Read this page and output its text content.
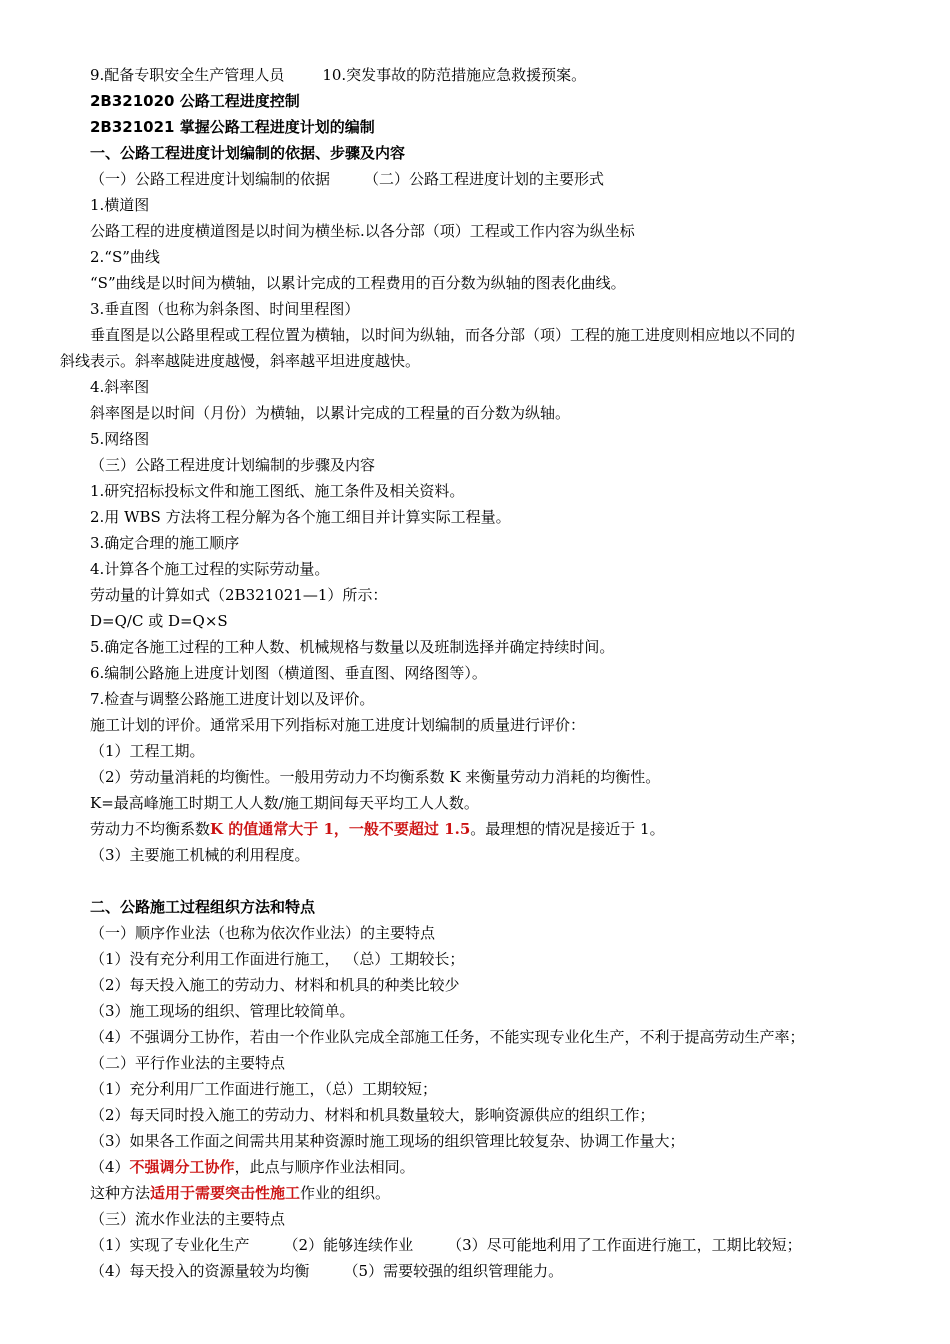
9.配备专职安全生产管理人员	10.突发事故的防范措施应急救援预案。
2B321020 公路工程进度控制
2B321021 掌握公路工程进度计划的编制
一、公路工程进度计划编制的依据、步骤及内容
（一）公路工程进度计划编制的依据 （二）公路工程进度计划的主要形式
1.横道图
公路工程的进度横道图是以时间为横坐标.以各分部（项）工程或工作内容为纵坐标
2.“S”曲线
“S”曲线是以时间为横轴，以累计完成的工程费用的百分数为纵轴的图表化曲线。
3.垂直图（也称为斜条图、时间里程图）
垂直图是以公路里程或工程位置为横轴，以时间为纵轴，而各分部（项）工程的施工进度则相应地以不同的
斜线表示。斜率越陡进度越慢，斜率越平坦进度越快。
4.斜率图
斜率图是以时间（月份）为横轴，以累计完成的工程量的百分数为纵轴。
5.网络图
（三）公路工程进度计划编制的步骤及内容
1.研究招标投标文件和施工图纸、施工条件及相关资料。
2.用 WBS 方法将工程分解为各个施工细目并计算实际工程量。
3.确定合理的施工顺序
4.计算各个施工过程的实际劳动量。
劳动量的计算如式（2B321021—1）所示：
D=Q/C 或 D=Q×S
5.确定各施工过程的工种人数、机械规格与数量以及班制选择并确定持续时间。
6.编制公路施上进度计划图（横道图、垂直图、网络图等）。
7.检查与调整公路施工进度计划以及评价。
施工计划的评价。通常采用下列指标对施工进度计划编制的质量进行评价：
（1）工程工期。
（2）劳动量消耗的均衡性。一般用劳动力不均衡系数 K 来衡量劳动力消耗的均衡性。
K=最高峰施工时期工人人数/施工期间每天平均工人人数。
劳动力不均衡系数K 的值通常大于 1，一般不要超过 1.5。最理想的情况是接近于 1。
（3）主要施工机械的利用程度。
二、公路施工过程组织方法和特点
（一）顺序作业法（也称为依次作业法）的主要特点
（1）没有充分利用工作面进行施工， （总）工期较长；
（2）每天投入施工的劳动力、材料和机具的种类比较少
（3）施工现场的组织、管理比较简单。
（4）不强调分工协作，若由一个作业队完成全部施工任务，不能实现专业化生产，不利于提高劳动生产率；
（二）平行作业法的主要特点
（1）充分利用厂工作面进行施工，（总）工期较短；
（2）每天同时投入施工的劳动力、材料和机具数量较大，影响资源供应的组织工作；
（3）如果各工作面之间需共用某种资源时施工现场的组织管理比较复杂、协调工作量大；
（4）不强调分工协作，此点与顺序作业法相同。
这种方法适用于需要突击性施工作业的组织。
（三）流水作业法的主要特点
（1）实现了专业化生产 （2）能够连续作业 （3）尽可能地利用了工作面进行施工，工期比较短；
（4）每天投入的资源量较为均衡 （5）需要较强的组织管理能力。
